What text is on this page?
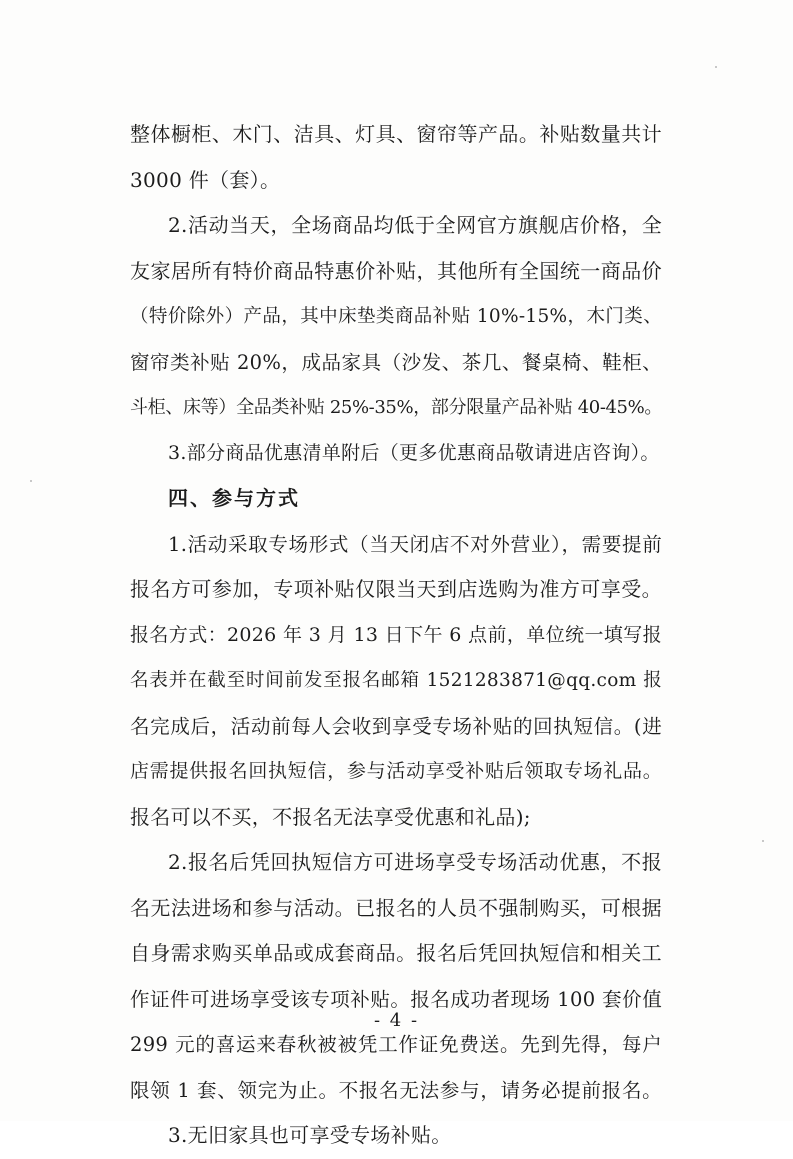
整体橱柜、木门、洁具、灯具、窗帘等产品。补贴数量共计
3000 件（套）。
2.活动当天，全场商品均低于全网官方旗舰店价格，全
友家居所有特价商品特惠价补贴，其他所有全国统一商品价
（特价除外）产品，其中床垫类商品补贴 10%-15%，木门类、
窗帘类补贴 20%，成品家具（沙发、茶几、餐桌椅、鞋柜、
斗柜、床等）全品类补贴 25%-35%，部分限量产品补贴 40-45%。
3.部分商品优惠清单附后（更多优惠商品敬请进店咨询）。
四、参与方式
1.活动采取专场形式（当天闭店不对外营业），需要提前
报名方可参加，专项补贴仅限当天到店选购为准方可享受。
报名方式：2026 年 3 月 13 日下午 6 点前，单位统一填写报
名表并在截至时间前发至报名邮箱 1521283871@qq.com 报
名完成后，活动前每人会收到享受专场补贴的回执短信。(进
店需提供报名回执短信，参与活动享受补贴后领取专场礼品。
报名可以不买，不报名无法享受优惠和礼品);
2.报名后凭回执短信方可进场享受专场活动优惠，不报
名无法进场和参与活动。已报名的人员不强制购买，可根据
自身需求购买单品或成套商品。报名后凭回执短信和相关工
作证件可进场享受该专项补贴。报名成功者现场 100 套价值
299 元的喜运来春秋被被凭工作证免费送。先到先得，每户
限领 1 套、领完为止。不报名无法参与，请务必提前报名。
3.无旧家具也可享受专场补贴。
- 4 -
